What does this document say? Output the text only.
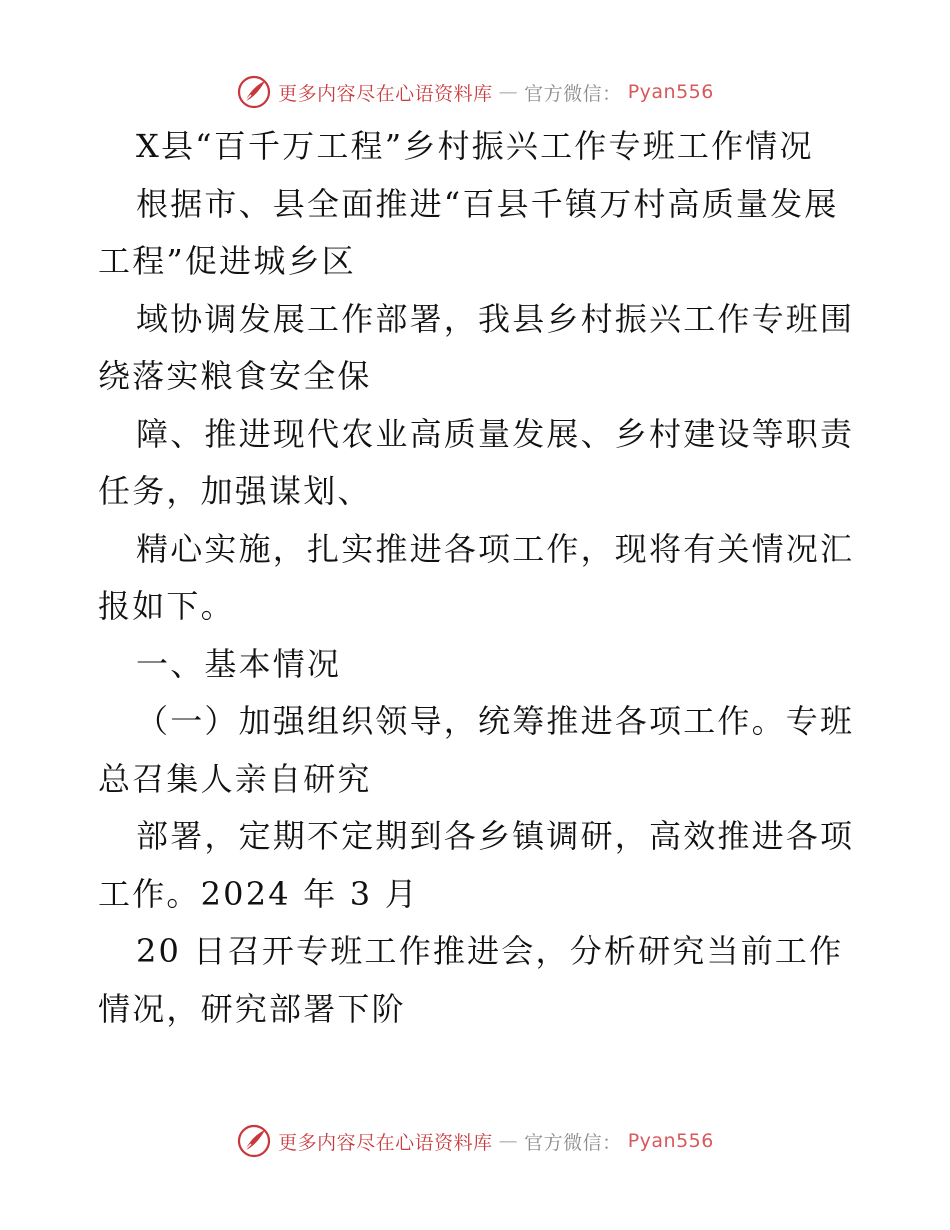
更多内容尽在心语资料库 — 官方微信： Pyan556
X县“百千万工程”乡村振兴工作专班工作情况
根据市、县全面推进“百县千镇万村高质量发展
工程”促进城乡区
域协调发展工作部署，我县乡村振兴工作专班围
绕落实粮食安全保
障、推进现代农业高质量发展、乡村建设等职责
任务，加强谋划、
精心实施，扎实推进各项工作，现将有关情况汇
报如下。
一、基本情况
（一）加强组织领导，统筹推进各项工作。专班
总召集人亲自研究
部署，定期不定期到各乡镇调研，高效推进各项
工作。2024 年 3 月
20 日召开专班工作推进会，分析研究当前工作
情况，研究部署下阶
更多内容尽在心语资料库 — 官方微信： Pyan556
